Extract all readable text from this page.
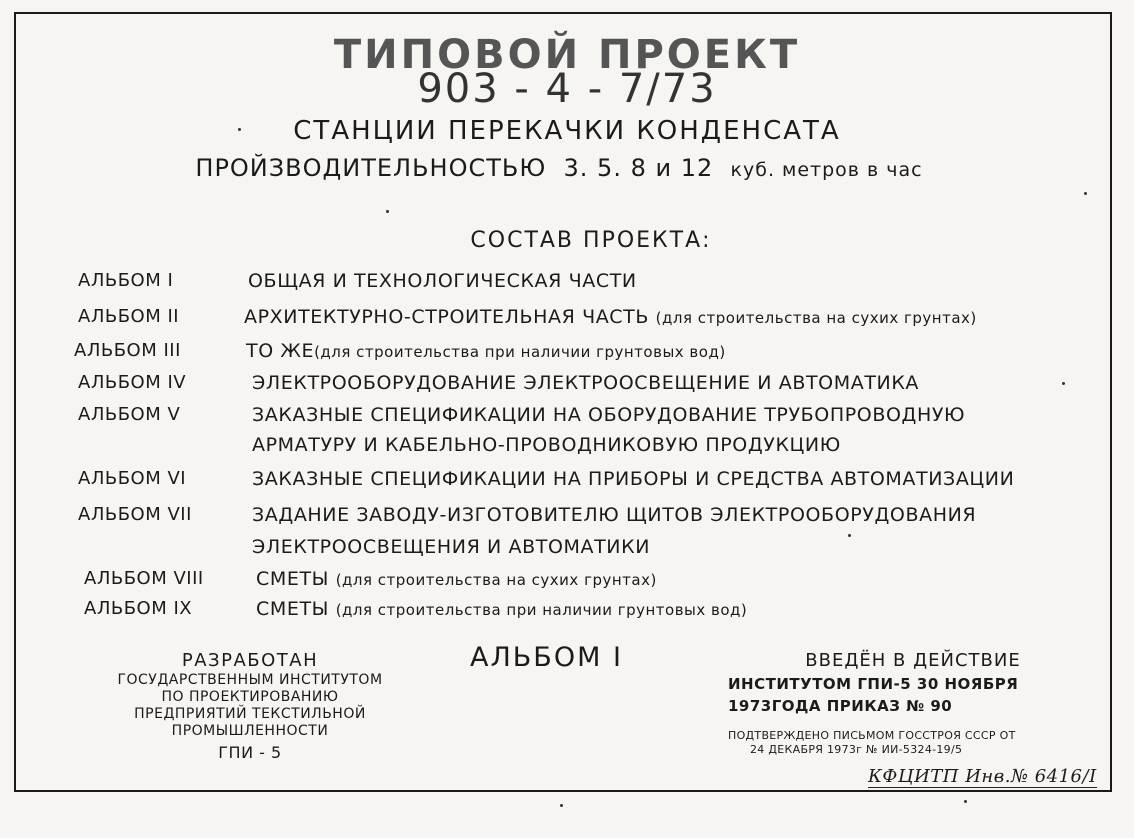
ТИПОВОЙ ПРОЕКТ
903 - 4 - 7/73
СТАНЦИИ ПЕРЕКАЧКИ КОНДЕНСАТА
ПРОЙЗВОДИТЕЛЬНОСТЬЮ 3. 5. 8 и 12 куб. метров в час
СОСТАВ ПРОЕКТА:
АЛЬБОМ I	ОБЩАЯ И ТЕХНОЛОГИЧЕСКАЯ ЧАСТИ
АЛЬБОМ II	АРХИТЕКТУРНО-СТРОИТЕЛЬНАЯ ЧАСТЬ (для строительства на сухих грунтах)
АЛЬБОМ III	ТО ЖЕ(для строительства при наличии грунтовых вод)
АЛЬБОМ IV	ЭЛЕКТРООБОРУДОВАНИЕ ЭЛЕКТРООСВЕЩЕНИЕ И АВТОМАТИКА
АЛЬБОМ V	ЗАКАЗНЫЕ СПЕЦИФИКАЦИИ НА ОБОРУДОВАНИЕ ТРУБОПРОВОДНУЮ
АРМАТУРУ И КАБЕЛЬНО-ПРОВОДНИКОВУЮ ПРОДУКЦИЮ
АЛЬБОМ VI	ЗАКАЗНЫЕ СПЕЦИФИКАЦИИ НА ПРИБОРЫ И СРЕДСТВА АВТОМАТИЗАЦИИ
АЛЬБОМ VII	ЗАДАНИЕ ЗАВОДУ-ИЗГОТОВИТЕЛЮ ЩИТОВ ЭЛЕКТРООБОРУДОВАНИЯ
ЭЛЕКТРООСВЕЩЕНИЯ И АВТОМАТИКИ
АЛЬБОМ VIII	СМЕТЫ (для строительства на сухих грунтах)
АЛЬБОМ IX	СМЕТЫ (для строительства при наличии грунтовых вод)
РАЗРАБОТАН
ГОСУДАРСТВЕННЫМ ИНСТИТУТОМ
ПО ПРОЕКТИРОВАНИЮ
ПРЕДПРИЯТИЙ ТЕКСТИЛЬНОЙ
ПРОМЫШЛЕННОСТИ
ГПИ - 5
АЛЬБОМ I	ВВЕДЁН В ДЕЙСТВИЕ
ИНСТИТУТОМ ГПИ-5 30 НОЯБРЯ
1973ГОДА ПРИКАЗ № 90
ПОДТВЕРЖДЕНО ПИСЬМОМ ГОССТРОЯ СССР ОТ
24 ДЕКАБРЯ 1973г № ИИ-5324-19/5
КФЦИТП Инв.№ 6416/I
